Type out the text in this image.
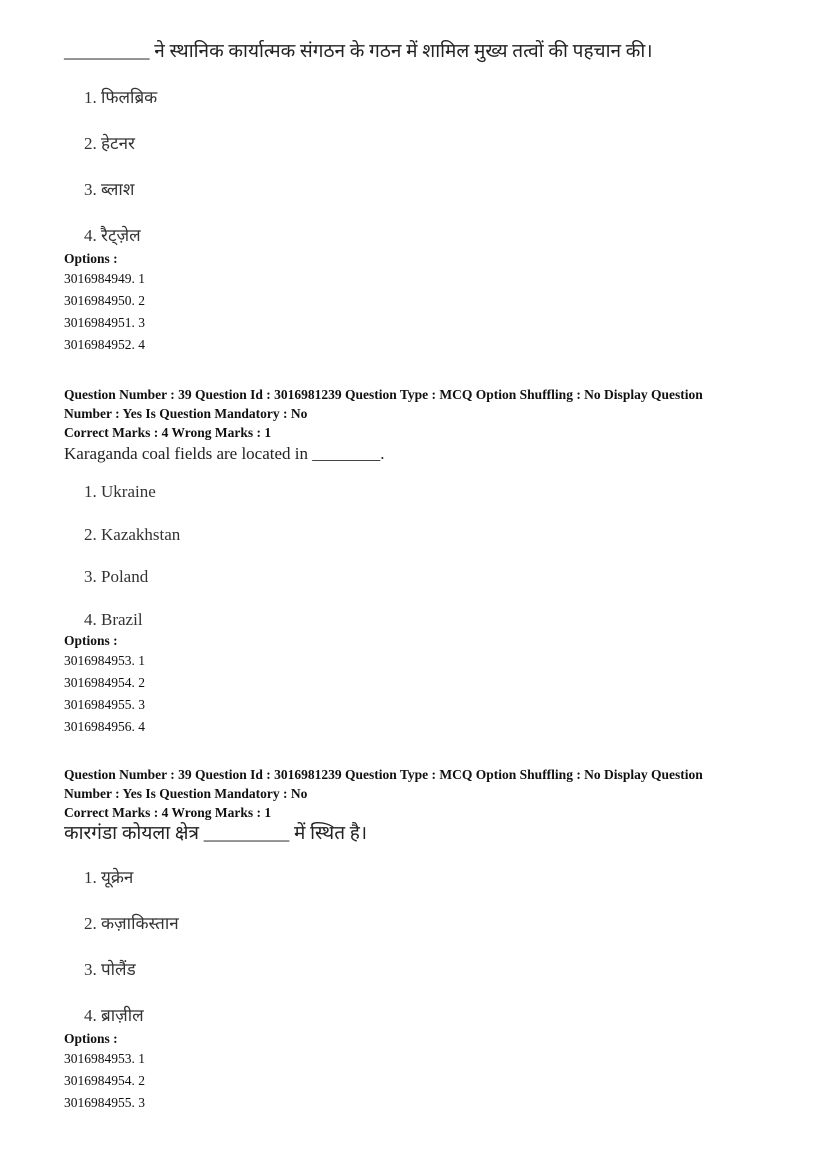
_________ ने स्थानिक कार्यात्मक संगठन के गठन में शामिल मुख्य तत्वों की पहचान की।
1. फिलब्रिक
2. हेटनर
3. ब्लाश
4. रैट्ज़ेल
Options :
3016984949. 1
3016984950. 2
3016984951. 3
3016984952. 4
Question Number : 39 Question Id : 3016981239 Question Type : MCQ Option Shuffling : No Display Question
Number : Yes Is Question Mandatory : No
Correct Marks : 4 Wrong Marks : 1
Karaganda coal fields are located in ________.
1. Ukraine
2. Kazakhstan
3. Poland
4. Brazil
Options :
3016984953. 1
3016984954. 2
3016984955. 3
3016984956. 4
Question Number : 39 Question Id : 3016981239 Question Type : MCQ Option Shuffling : No Display Question
Number : Yes Is Question Mandatory : No
Correct Marks : 4 Wrong Marks : 1
कारगंडा कोयला क्षेत्र _________ में स्थित है।
1. यूक्रेन
2. कज़ाकिस्तान
3. पोलैंड
4. ब्राज़ील
Options :
3016984953. 1
3016984954. 2
3016984955. 3
